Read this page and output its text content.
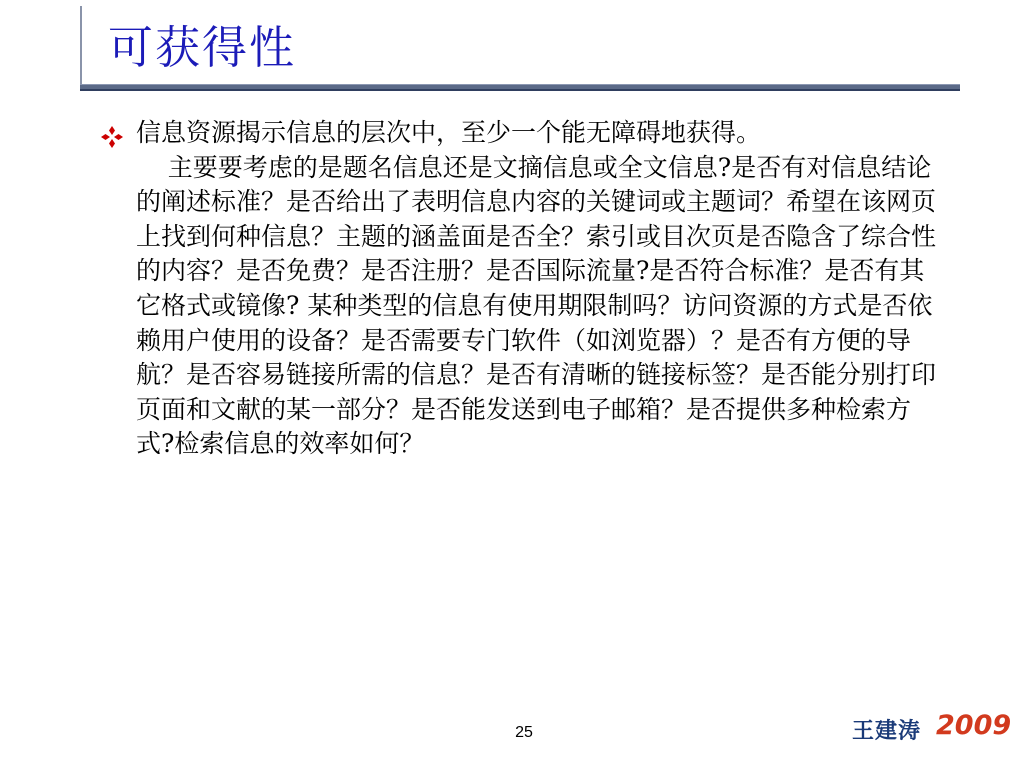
可获得性
信息资源揭示信息的层次中，至少一个能无障碍地获得。
主要要考虑的是题名信息还是文摘信息或全文信息?是否有对信息结论的阐述标准？是否给出了表明信息内容的关键词或主题词？希望在该网页上找到何种信息？主题的涵盖面是否全？索引或目次页是否隐含了综合性的内容？是否免费？是否注册？是否国际流量?是否符合标准？是否有其它格式或镜像? 某种类型的信息有使用期限制吗？访问资源的方式是否依赖用户使用的设备？是否需要专门软件（如浏览器）？是否有方便的导航？是否容易链接所需的信息？是否有清晰的链接标签？是否能分别打印页面和文献的某一部分？是否能发送到电子邮箱？是否提供多种检索方式?检索信息的效率如何？
25	王建涛 2009
